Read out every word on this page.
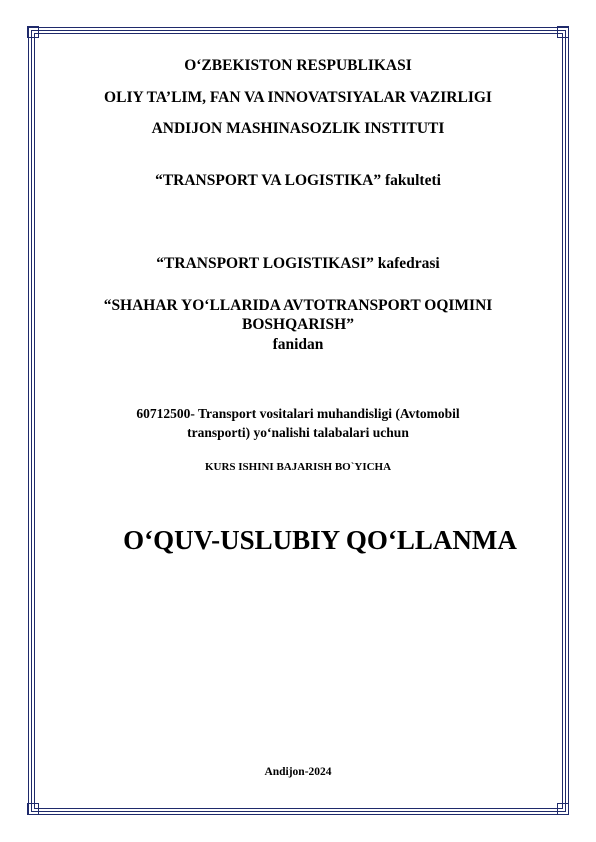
O‘ZBEKISTON RESPUBLIKASI
OLIY TA’LIM, FAN VA INNOVATSIYALAR VAZIRLIGI
ANDIJON MASHINASOZLIK INSTITUTI
“TRANSPORT VA LOGISTIKA” fakulteti
“TRANSPORT LOGISTIKASI” kafedrasi
“SHAHAR YO‘LLARIDA AVTOTRANSPORT OQIMINI
BOSHQARISH”
fanidan
60712500- Transport vositalari muhandisligi (Avtomobil
transporti) yo‘nalishi talabalari uchun
KURS ISHINI BAJARISH BO`YICHA
O‘QUV-USLUBIY QO‘LLANMA
Andijon-2024
